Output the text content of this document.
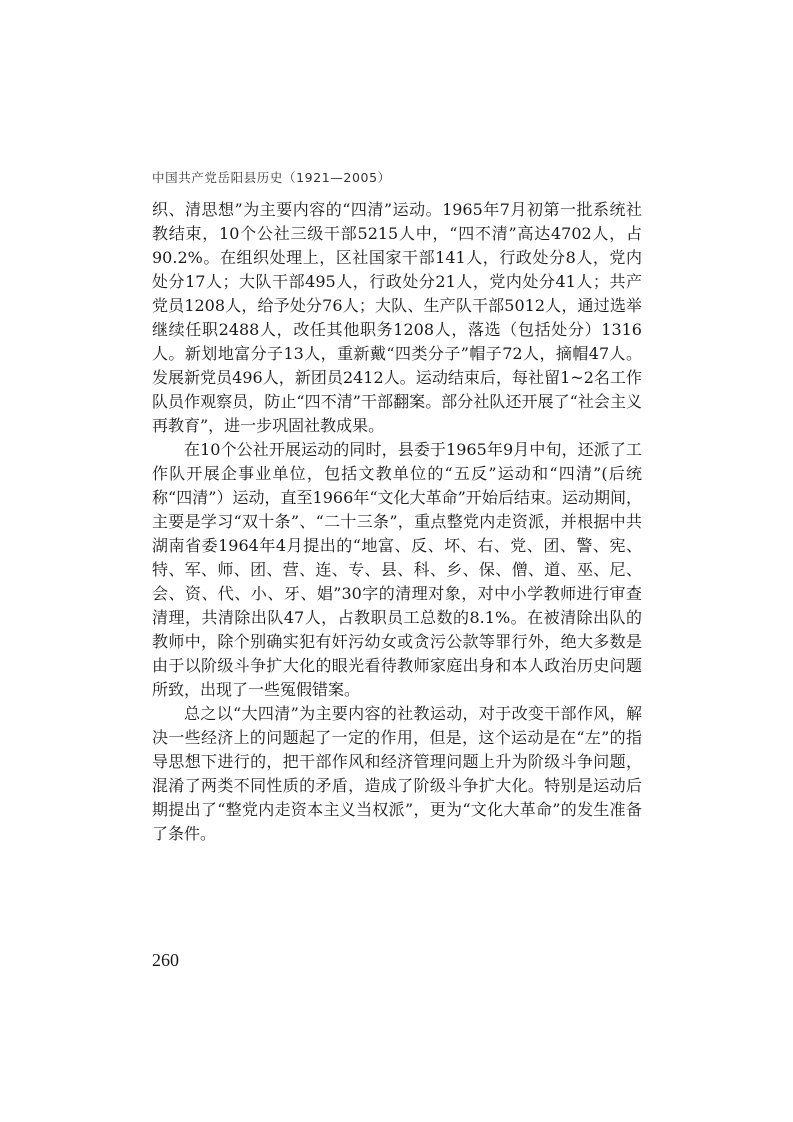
中国共产党岳阳县历史（1921—2005）

织、清思想”为主要内容的“四清”运动。1965年7月初第一批系统社教结束，10个公社三级干部5215人中，“四不清”高达4702人，占90.2%。在组织处理上，区社国家干部141人，行政处分8人，党内处分17人；大队干部495人，行政处分21人，党内处分41人；共产党员1208人，给予处分76人；大队、生产队干部5012人，通过选举继续任职2488人，改任其他职务1208人，落选（包括处分）1316人。新划地富分子13人，重新戴“四类分子”帽子72人，摘帽47人。发展新党员496人，新团员2412人。运动结束后，每社留1~2名工作队员作观察员，防止“四不清”干部翻案。部分社队还开展了“社会主义再教育”，进一步巩固社教成果。

在10个公社开展运动的同时，县委于1965年9月中旬，还派了工作队开展企事业单位，包括文教单位的“五反”运动和“四清”(后统称“四清”）运动，直至1966年“文化大革命”开始后结束。运动期间，主要是学习“双十条”、“二十三条”，重点整党内走资派，并根据中共湖南省委1964年4月提出的“地富、反、坏、右、党、团、警、宪、特、军、师、团、营、连、专、县、科、乡、保、僧、道、巫、尼、会、资、代、小、牙、娼”30字的清理对象，对中小学教师进行审查清理，共清除出队47人，占教职员工总数的8.1%。在被清除出队的教师中，除个别确实犯有奸污幼女或贪污公款等罪行外，绝大多数是由于以阶级斗争扩大化的眼光看待教师家庭出身和本人政治历史问题所致，出现了一些冤假错案。

总之以“大四清”为主要内容的社教运动，对于改变干部作风，解决一些经济上的问题起了一定的作用，但是，这个运动是在“左”的指导思想下进行的，把干部作风和经济管理问题上升为阶级斗争问题，混淆了两类不同性质的矛盾，造成了阶级斗争扩大化。特别是运动后期提出了“整党内走资本主义当权派”，更为“文化大革命”的发生准备了条件。

260
